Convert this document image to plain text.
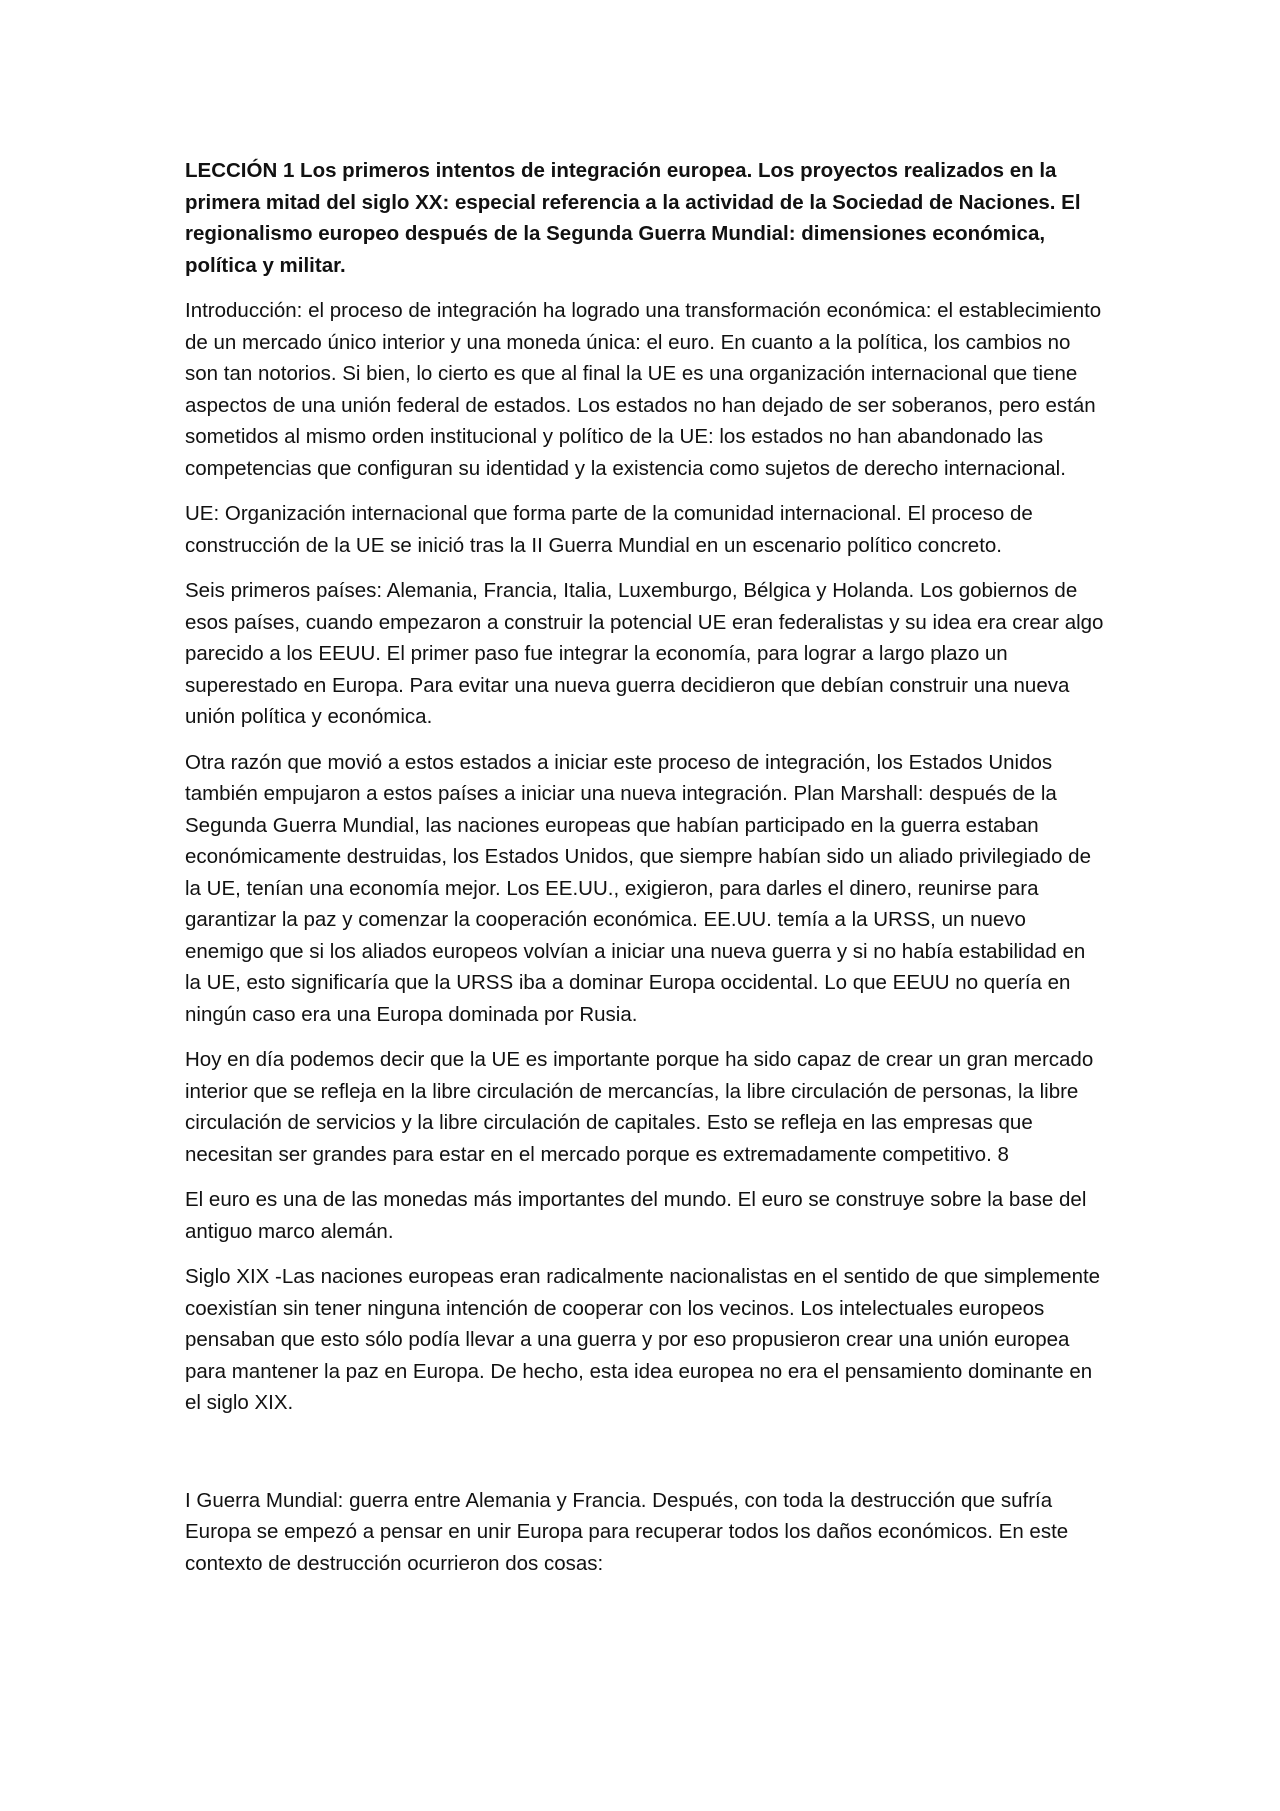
LECCIÓN 1 Los primeros intentos de integración europea. Los proyectos realizados en la primera mitad del siglo XX: especial referencia a la actividad de la Sociedad de Naciones. El regionalismo europeo después de la Segunda Guerra Mundial: dimensiones económica, política y militar.

Introducción: el proceso de integración ha logrado una transformación económica: el establecimiento de un mercado único interior y una moneda única: el euro. En cuanto a la política, los cambios no son tan notorios. Si bien, lo cierto es que al final la UE es una organización internacional que tiene aspectos de una unión federal de estados. Los estados no han dejado de ser soberanos, pero están sometidos al mismo orden institucional y político de la UE: los estados no han abandonado las competencias que configuran su identidad y la existencia como sujetos de derecho internacional.

UE: Organización internacional que forma parte de la comunidad internacional. El proceso de construcción de la UE se inició tras la II Guerra Mundial en un escenario político concreto.

Seis primeros países: Alemania, Francia, Italia, Luxemburgo, Bélgica y Holanda. Los gobiernos de esos países, cuando empezaron a construir la potencial UE eran federalistas y su idea era crear algo parecido a los EEUU. El primer paso fue integrar la economía, para lograr a largo plazo un superestado en Europa. Para evitar una nueva guerra decidieron que debían construir una nueva unión política y económica.

Otra razón que movió a estos estados a iniciar este proceso de integración, los Estados Unidos también empujaron a estos países a iniciar una nueva integración. Plan Marshall: después de la Segunda Guerra Mundial, las naciones europeas que habían participado en la guerra estaban económicamente destruidas, los Estados Unidos, que siempre habían sido un aliado privilegiado de la UE, tenían una economía mejor. Los EE.UU., exigieron, para darles el dinero, reunirse para garantizar la paz y comenzar la cooperación económica. EE.UU. temía a la URSS, un nuevo enemigo que si los aliados europeos volvían a iniciar una nueva guerra y si no había estabilidad en la UE, esto significaría que la URSS iba a dominar Europa occidental. Lo que EEUU no quería en ningún caso era una Europa dominada por Rusia.

Hoy en día podemos decir que la UE es importante porque ha sido capaz de crear un gran mercado interior que se refleja en la libre circulación de mercancías, la libre circulación de personas, la libre circulación de servicios y la libre circulación de capitales. Esto se refleja en las empresas que necesitan ser grandes para estar en el mercado porque es extremadamente competitivo. 8

El euro es una de las monedas más importantes del mundo. El euro se construye sobre la base del antiguo marco alemán.

Siglo XIX -Las naciones europeas eran radicalmente nacionalistas en el sentido de que simplemente coexistían sin tener ninguna intención de cooperar con los vecinos. Los intelectuales europeos pensaban que esto sólo podía llevar a una guerra y por eso propusieron crear una unión europea para mantener la paz en Europa. De hecho, esta idea europea no era el pensamiento dominante en el siglo XIX.

I Guerra Mundial: guerra entre Alemania y Francia. Después, con toda la destrucción que sufría Europa se empezó a pensar en unir Europa para recuperar todos los daños económicos. En este contexto de destrucción ocurrieron dos cosas:
